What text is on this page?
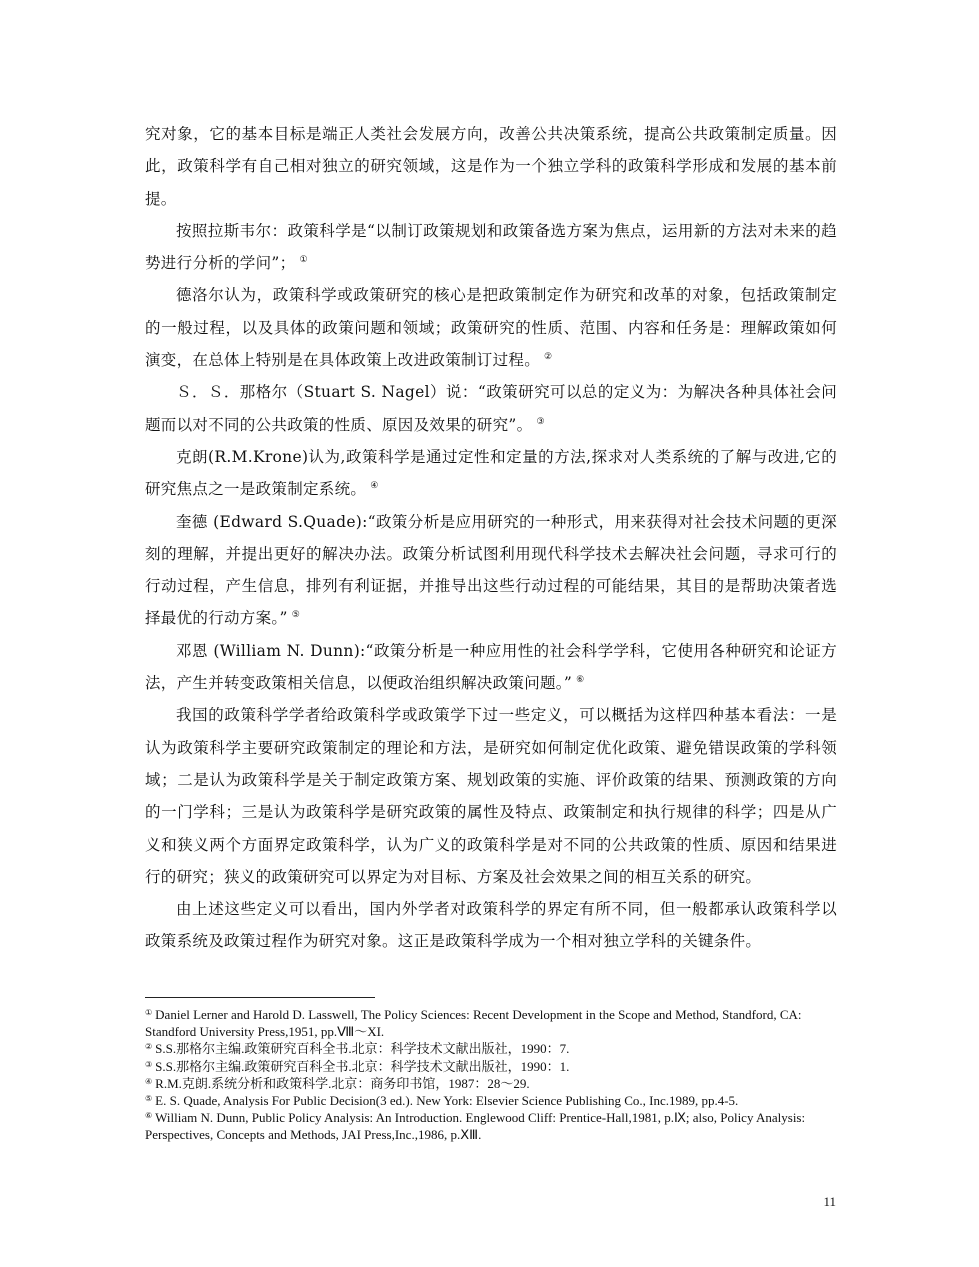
究对象，它的基本目标是端正人类社会发展方向，改善公共决策系统，提高公共政策制定质量。因此，政策科学有自己相对独立的研究领域，这是作为一个独立学科的政策科学形成和发展的基本前提。

按照拉斯韦尔：政策科学是“以制订政策规划和政策备选方案为焦点，运用新的方法对未来的趋势进行分析的学问”； ①

德洛尔认为，政策科学或政策研究的核心是把政策制定作为研究和改革的对象，包括政策制定的一般过程，以及具体的政策问题和领域；政策研究的性质、范围、内容和任务是：理解政策如何演变，在总体上特别是在具体政策上改进政策制订过程。 ②

Ｓ．Ｓ．那格尔（Stuart S. Nagel）说：“政策研究可以总的定义为：为解决各种具体社会问题而以对不同的公共政策的性质、原因及效果的研究”。 ③

克朗(R.M.Krone)认为,政策科学是通过定性和定量的方法,探求对人类系统的了解与改进,它的研究焦点之一是政策制定系统。 ④

奎德 (Edward S.Quade):“政策分析是应用研究的一种形式，用来获得对社会技术问题的更深刻的理解，并提出更好的解决办法。政策分析试图利用现代科学技术去解决社会问题，寻求可行的行动过程，产生信息，排列有利证据，并推导出这些行动过程的可能结果，其目的是帮助决策者选择最优的行动方案。” ⑤

邓恩 (William N. Dunn):“政策分析是一种应用性的社会科学学科，它使用各种研究和论证方法，产生并转变政策相关信息，以便政治组织解决政策问题。” ⑥

我国的政策科学学者给政策科学或政策学下过一些定义，可以概括为这样四种基本看法：一是认为政策科学主要研究政策制定的理论和方法，是研究如何制定优化政策、避免错误政策的学科领域；二是认为政策科学是关于制定政策方案、规划政策的实施、评价政策的结果、预测政策的方向的一门学科；三是认为政策科学是研究政策的属性及特点、政策制定和执行规律的科学；四是从广义和狭义两个方面界定政策科学，认为广义的政策科学是对不同的公共政策的性质、原因和结果进行的研究；狭义的政策研究可以界定为对目标、方案及社会效果之间的相互关系的研究。

由上述这些定义可以看出，国内外学者对政策科学的界定有所不同，但一般都承认政策科学以政策系统及政策过程作为研究对象。这正是政策科学成为一个相对独立学科的关键条件。

① Daniel Lerner and Harold D. Lasswell, The Policy Sciences: Recent Development in the Scope and Method, Standford, CA: Standford University Press,1951, pp.Ⅷ～XI.

② S.S.那格尔主编.政策研究百科全书.北京：科学技术文献出版社，1990：7.

③ S.S.那格尔主编.政策研究百科全书.北京：科学技术文献出版社，1990：1.

④ R.M.克朗.系统分析和政策科学.北京：商务印书馆，1987：28～29.

⑤ E. S. Quade, Analysis For Public Decision(3 ed.). New York: Elsevier Science Publishing Co., Inc.1989, pp.4-5.

⑥ William N. Dunn, Public Policy Analysis: An Introduction. Englewood Cliff: Prentice-Hall,1981, p.Ⅸ; also, Policy Analysis: Perspectives, Concepts and Methods, JAI Press,Inc.,1986, p.ⅩⅢ.

11
